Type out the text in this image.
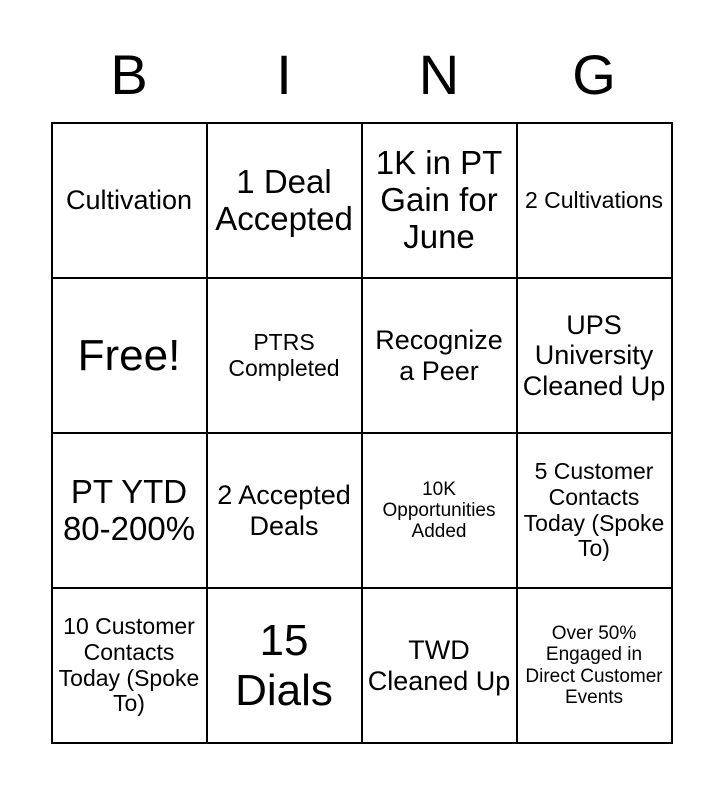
B	I	N	G
Cultivation	1 Deal Accepted	1K in PT Gain for June	2 Cultivations
Free!	PTRS Completed	Recognize a Peer	UPS University Cleaned Up
PT YTD 80-200%	2 Accepted Deals	10K Opportunities Added	5 Customer Contacts Today (Spoke To)
10 Customer Contacts Today (Spoke To)	15 Dials	TWD Cleaned Up	Over 50% Engaged in Direct Customer Events
